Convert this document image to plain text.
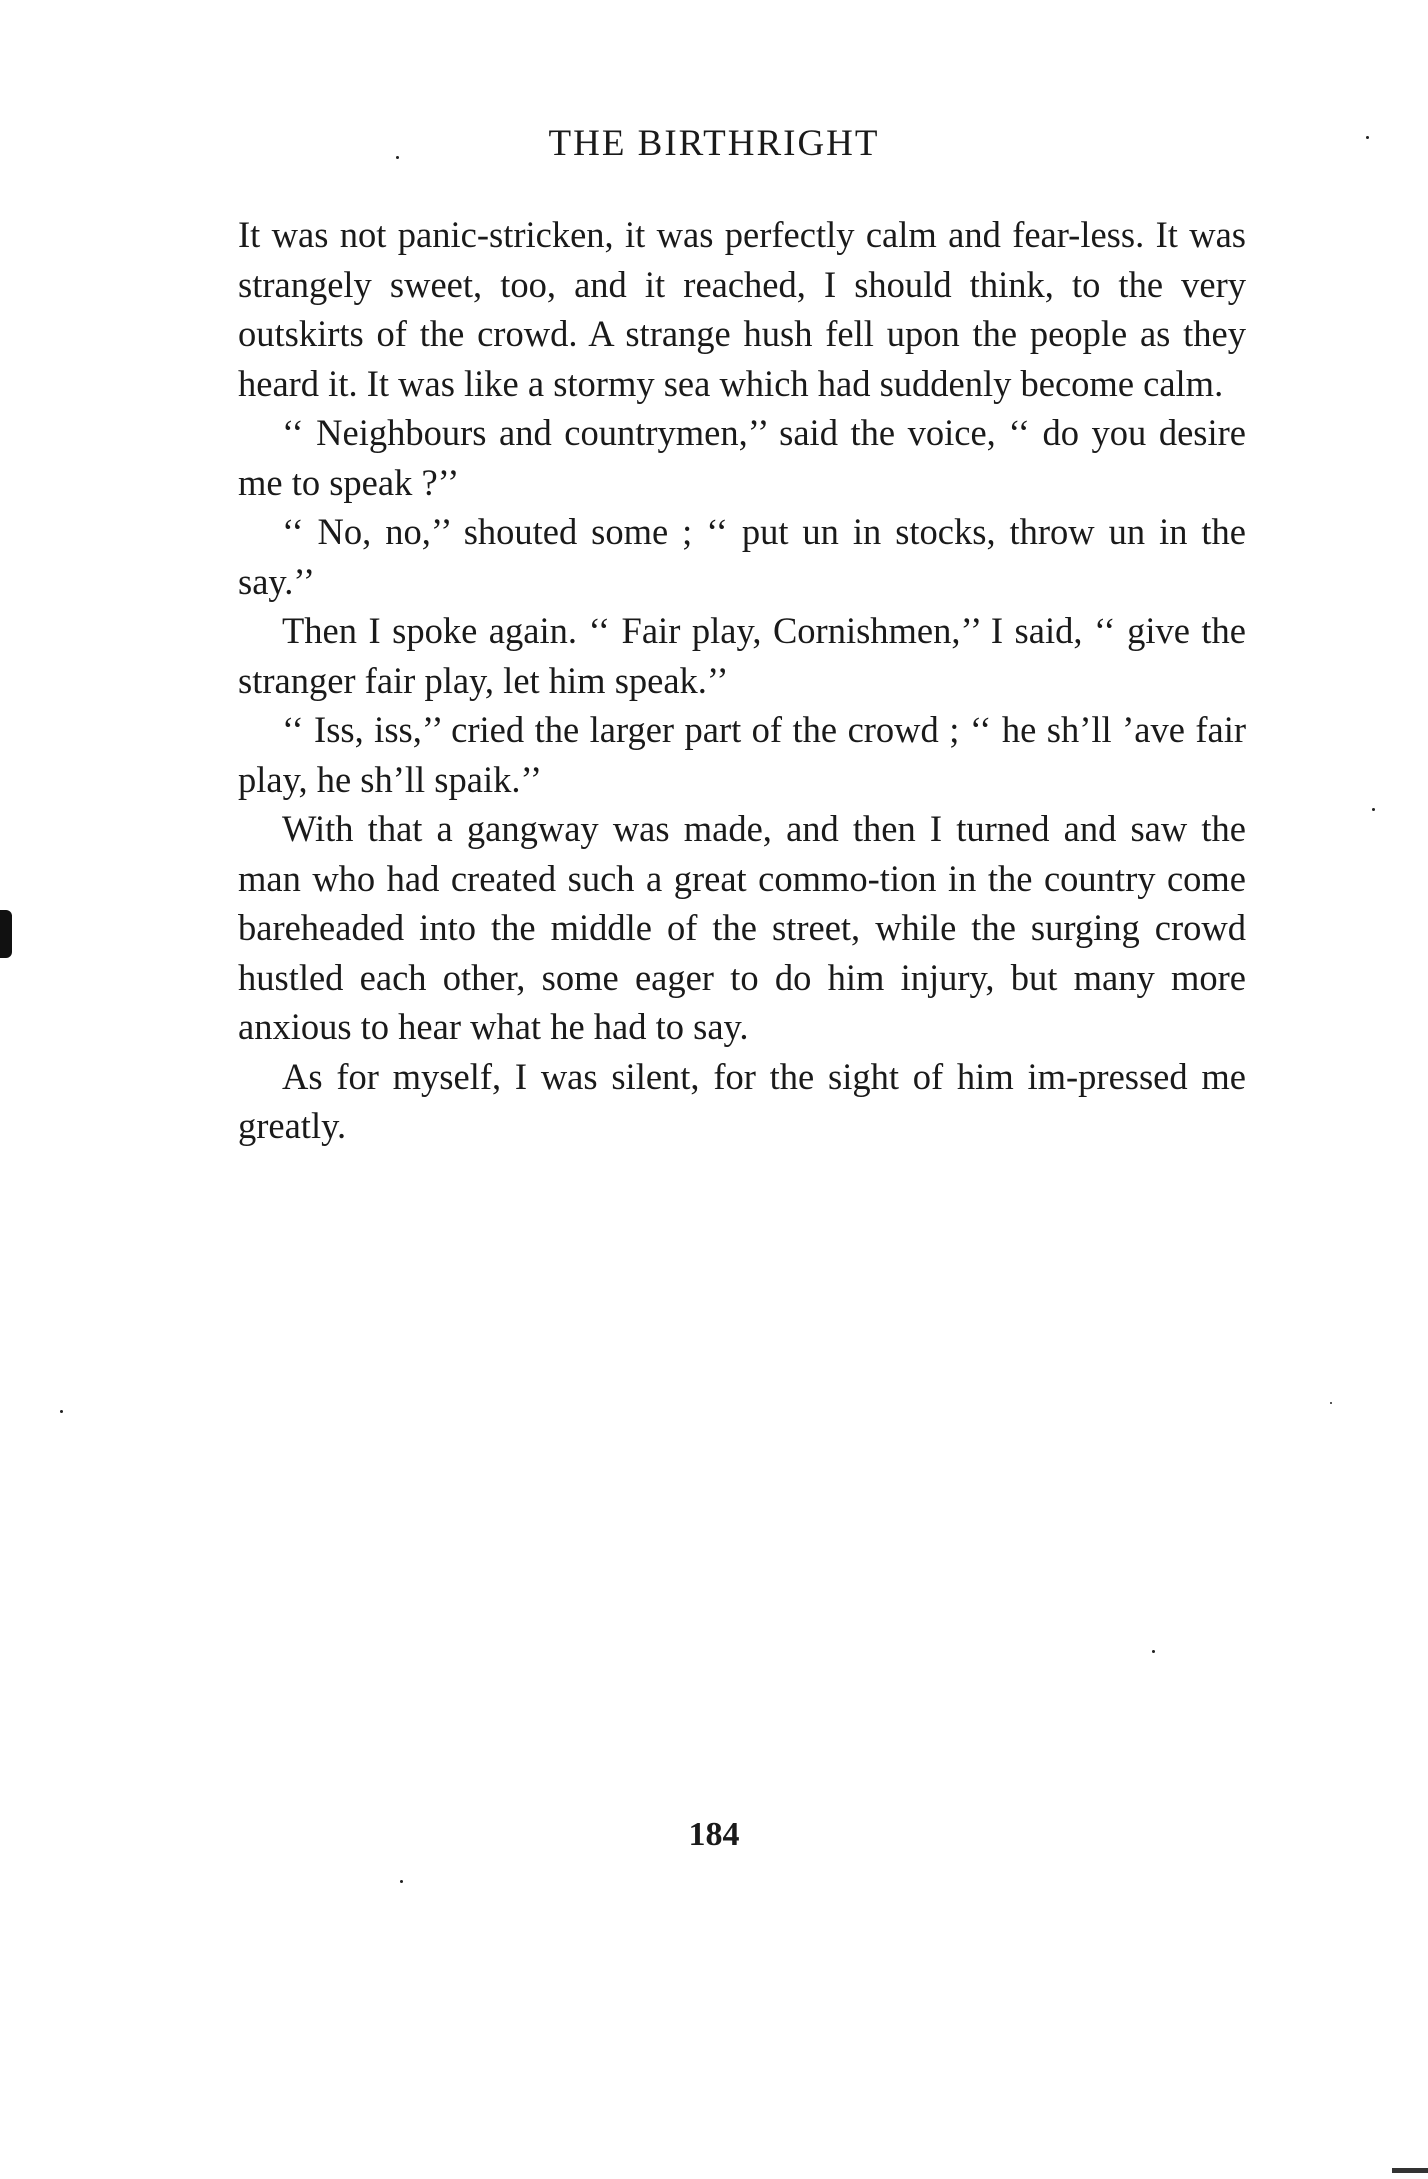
THE BIRTHRIGHT

It was not panic-stricken, it was perfectly calm and fear-less. It was strangely sweet, too, and it reached, I should think, to the very outskirts of the crowd. A strange hush fell upon the people as they heard it. It was like a stormy sea which had suddenly become calm.

‘‘ Neighbours and countrymen,’’ said the voice, ‘‘ do you desire me to speak ?’’

‘‘ No, no,’’ shouted some ; ‘‘ put un in stocks, throw un in the say.’’

Then I spoke again. ‘‘ Fair play, Cornishmen,’’ I said, ‘‘ give the stranger fair play, let him speak.’’

‘‘ Iss, iss,’’ cried the larger part of the crowd ; ‘‘ he sh’ll ’ave fair play, he sh’ll spaik.’’

With that a gangway was made, and then I turned and saw the man who had created such a great commo-tion in the country come bareheaded into the middle of the street, while the surging crowd hustled each other, some eager to do him injury, but many more anxious to hear what he had to say.

As for myself, I was silent, for the sight of him im-pressed me greatly.

184
